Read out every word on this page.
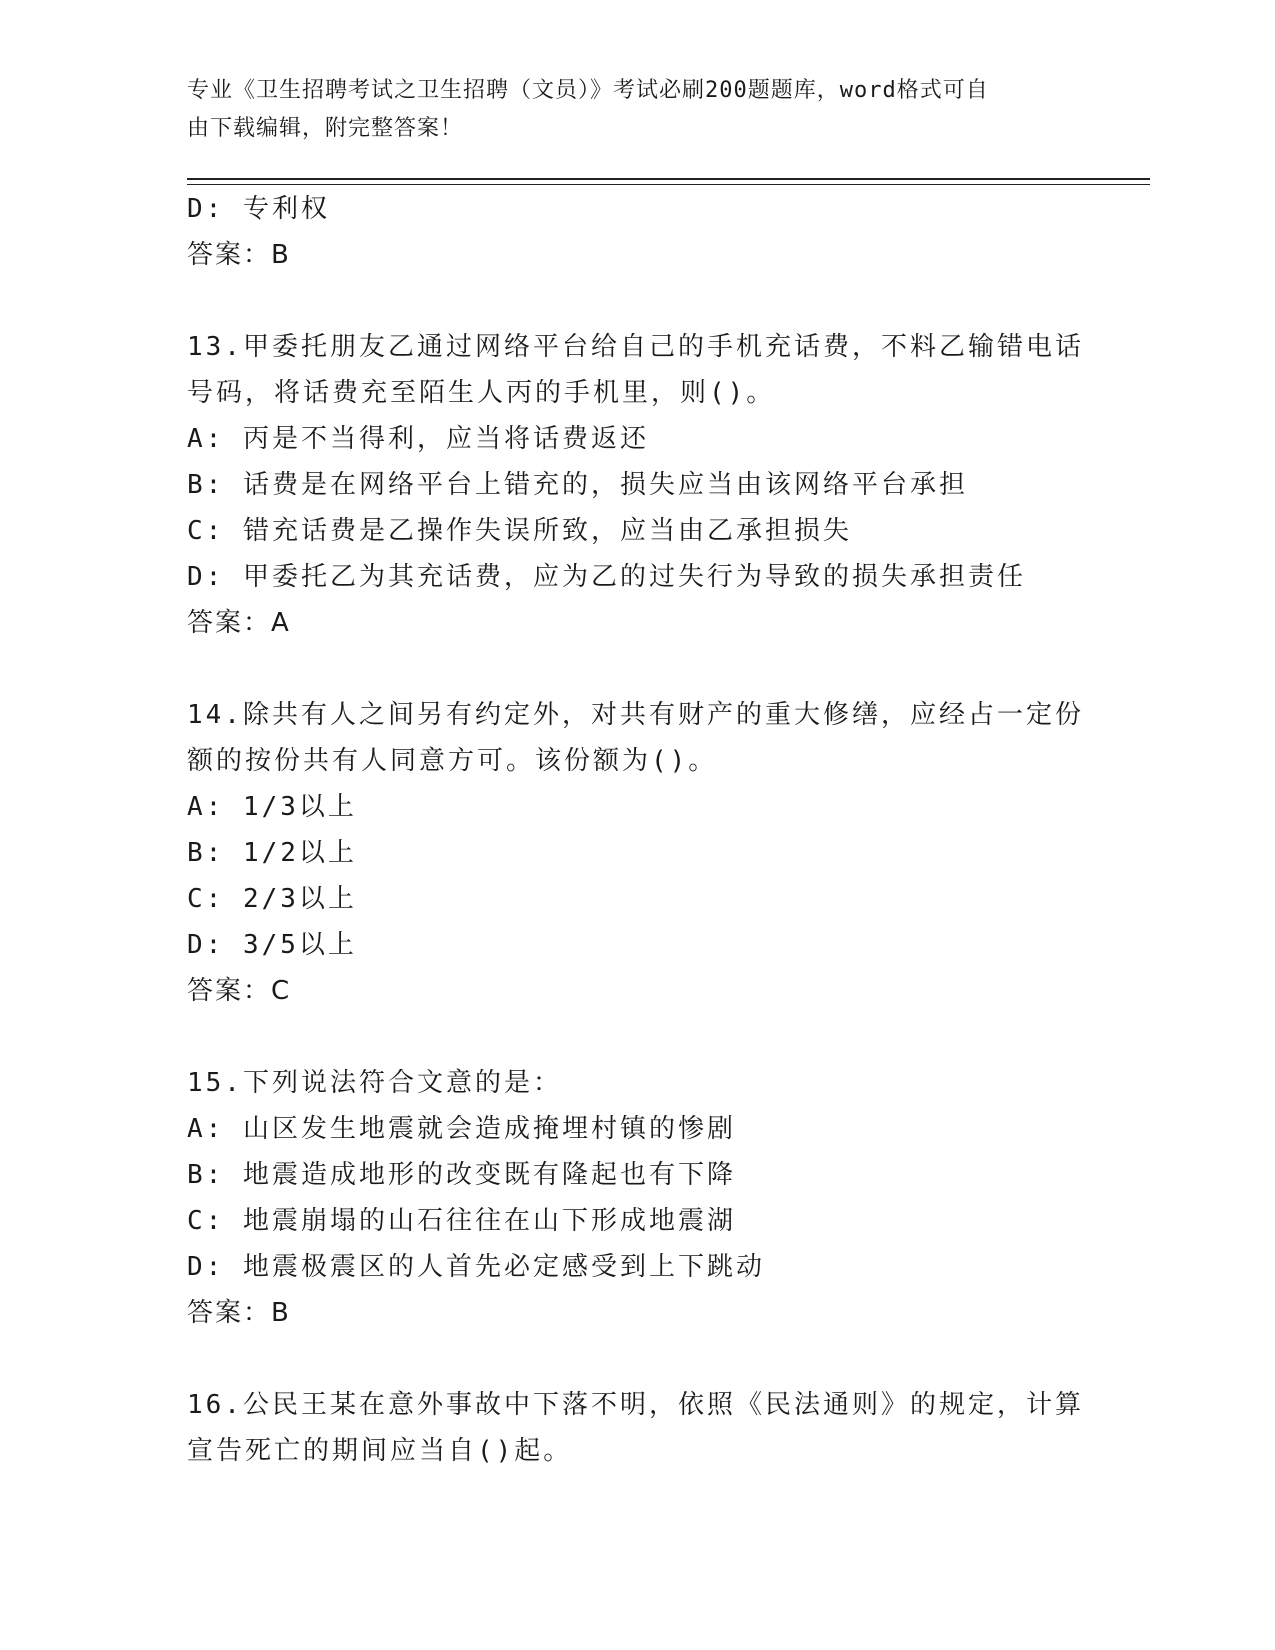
专业《卫生招聘考试之卫生招聘（文员）》考试必刷200题题库，word格式可自
由下载编辑，附完整答案！
D: 专利权
答案：B
13.甲委托朋友乙通过网络平台给自己的手机充话费，不料乙输错电话
号码，将话费充至陌生人丙的手机里，则()。
A: 丙是不当得利，应当将话费返还
B: 话费是在网络平台上错充的，损失应当由该网络平台承担
C: 错充话费是乙操作失误所致，应当由乙承担损失
D: 甲委托乙为其充话费，应为乙的过失行为导致的损失承担责任
答案：A
14.除共有人之间另有约定外，对共有财产的重大修缮，应经占一定份
额的按份共有人同意方可。该份额为()。
A: 1/3以上
B: 1/2以上
C: 2/3以上
D: 3/5以上
答案：C
15.下列说法符合文意的是：
A: 山区发生地震就会造成掩埋村镇的惨剧
B: 地震造成地形的改变既有隆起也有下降
C: 地震崩塌的山石往往在山下形成地震湖
D: 地震极震区的人首先必定感受到上下跳动
答案：B
16.公民王某在意外事故中下落不明，依照《民法通则》的规定，计算
宣告死亡的期间应当自()起。
